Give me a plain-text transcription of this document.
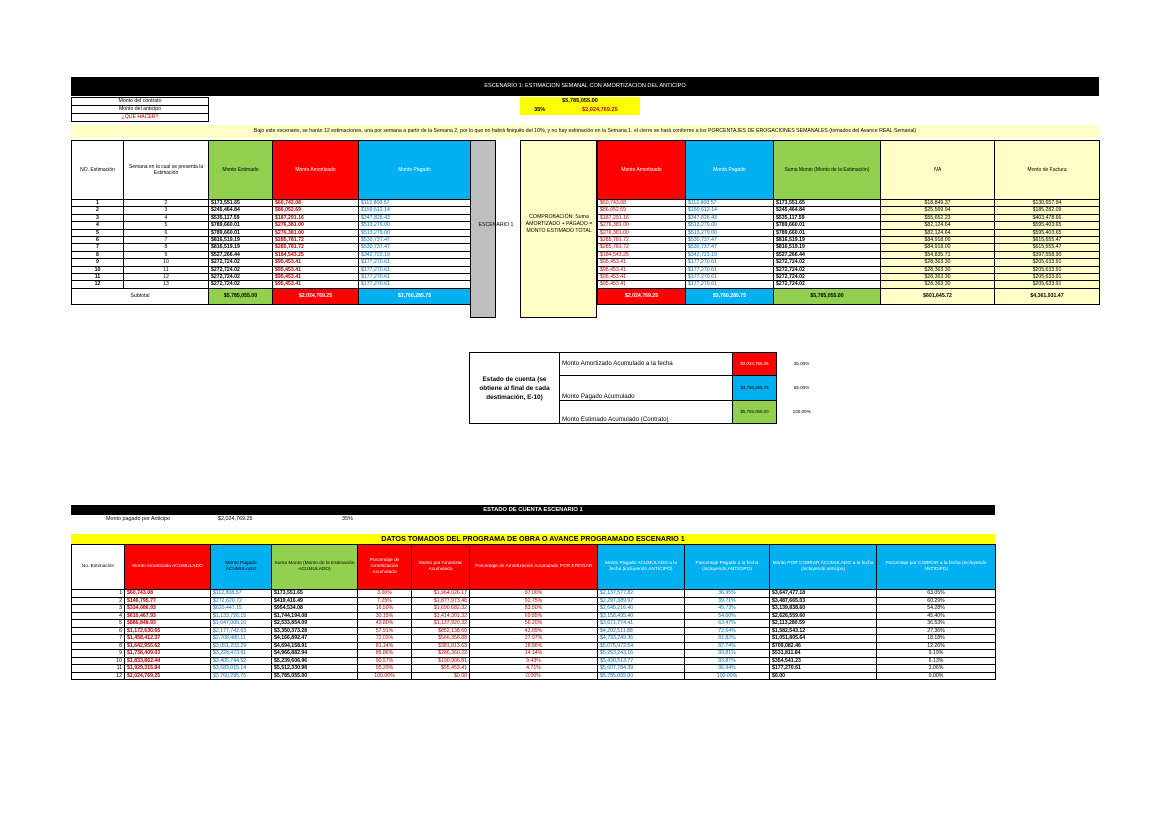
ESCENARIO 1: ESTIMACION SEMANAL CON AMORTIZACION DEL ANTICIPO
Monto del contrato
Monto del anticipo
¿QUÉ HACER?
$5,785,055.00
35%	$2,024,769.25
Bajo este escenario, se harán 12 estimaciones, una por semana a partir de la Semana 2, por lo que no habrá finiquito del 10%, y no hay estimación en la Semana 1. el cierre se hará conforme a los PORCENTAJES DE EROGACIONES SEMANALES (tomados del Avance REAL Semanal)
NO. Estimación	Semana en la cual se presenta la Estimación	Monto Estimado	Monto Amortizado	Monto Pagado
1	2	$173,551.65	$60,743.08	$112,808.57
2	3	$245,464.84	$86,052.69	$159,612.14
3	4	$535,117.59	$187,291.16	$347,826.43
4	5	$789,660.01	$276,381.00	$513,279.00
5	6	$789,660.01	$276,381.00	$513,279.00
6	7	$816,519.19	$285,781.72	$530,737.47
7	8	$816,519.19	$285,781.72	$530,737.47
8	9	$527,266.44	$184,543.25	$342,723.19
9	10	$272,724.02	$95,453.41	$177,270.61
10	11	$272,724.02	$95,453.41	$177,270.61
11	12	$272,724.02	$95,453.41	$177,270.61
12	13	$272,724.02	$95,453.41	$177,270.61
Subtotal		$5,785,055.00	$2,024,769.25	$3,760,285.75
ESCENARIO 1
COMPROBACIÓN: Suma AMORTIZADO + PAGADO = MONTO ESTIMADO TOTAL
Monto Amortizado	Monto Pagado	Suma Monto (Monto de la Estimación)	IVA	Monto de Factura
$60,743.08	$112,808.57	$173,551.65	$18,849.37	$130,657.94
$86,052.69	$159,612.14	$245,464.84	$25,569.94	$185,282.09
$187,291.16	$347,826.43	$535,117.59	$55,652.23	$403,478.66
$276,381.00	$513,279.00	$789,660.01	$82,124.64	$595,403.65
$276,381.00	$513,279.00	$789,660.01	$82,124.64	$595,403.65
$285,781.72	$530,737.47	$816,519.19	$84,918.00	$615,655.47
$285,781.72	$530,737.47	$816,519.19	$84,918.00	$615,655.47
$184,543.25	$342,723.19	$527,266.44	$54,835.71	$397,558.90
$95,453.41	$177,270.61	$272,724.02	$28,363.30	$205,633.91
$95,453.41	$177,270.61	$272,724.02	$28,363.30	$205,633.91
$95,453.41	$177,270.61	$272,724.02	$28,363.30	$205,633.91
$95,453.41	$177,270.61	$272,724.02	$28,363.30	$205,633.91
$2,024,769.25	$3,760,285.75	$5,785,055.00	$601,645.72	$4,361,931.47
Estado de cuenta (se obtiene al final de cada destimación, E-10)	Monto Amortizado Acumulado a la fecha	$2,024,769.25	35.00%
	Monto Pagado Acumulado	$3,760,285.75	65.00%
	Monto Estimado Acumulado (Contrato)	$5,785,055.00	100.00%
ESTADO DE CUENTA ESCENARIO 1
Monto pagado por Anticipo	$2,024,769.25	35%
DATOS TOMADOS DEL PROGRAMA DE OBRA O AVANCE PROGRAMADO ESCENARIO 1
No. Estimación	Monto Amortizado ACUMULADO	Monto Pagado ACUMULADO	Suma Monto (Monto de la Estimación ACUMULADO)	Porcentaje de Amortización Acumulado	Monto por Amortizar Acumulado	Porcentaje de Amortización Acumulado POR EROGAR	Monto Pagado ACUMULADO a la fecha (incluyendo ANTICIPO)	Porcentaje Pagado a la fecha (incluyendo ANTICIPO)	Monto POR COBRAR ACUMULADO a la fecha (incluyendo anticipo)	Porcentaje por COBRAR a la fecha (incluyendo ANTICIPO)
1	$60,743.08	$112,808.57	$173,551.65	3.00%	$1,964,026.17	97.00%	$2,137,577.82	36.95%	$3,647,477.18	63.05%
2	$146,795.77	$272,620.72	$419,416.49	7.25%	$1,877,973.48	92.75%	$2,297,389.97	39.71%	$3,487,665.03	60.29%
3	$334,086.93	$620,447.15	$954,534.08	16.50%	$1,690,682.32	83.50%	$2,645,216.40	45.73%	$3,139,838.60	54.28%
4	$610,467.93	$1,133,726.15	$1,744,194.08	30.15%	$1,414,301.32	69.85%	$3,158,495.40	54.60%	$2,626,559.60	45.40%
5	$886,848.93	$1,647,005.16	$2,533,854.09	43.80%	$1,137,920.32	56.20%	$3,671,774.41	63.47%	$2,113,280.59	36.53%
6	$1,172,630.65	$2,177,742.63	$3,350,373.28	57.91%	$852,138.60	42.09%	$4,202,511.88	72.64%	$1,582,543.12	27.36%
7	$1,458,412.37	$2,708,480.11	$4,166,892.47	72.03%	$566,356.88	27.97%	$4,733,249.36	81.82%	$1,051,805.64	18.18%
8	$1,642,955.62	$3,051,203.29	$4,694,158.91	81.14%	$381,813.63	18.86%	$5,075,972.54	87.74%	$709,082.46	12.26%
9	$1,738,409.03	$3,228,473.91	$4,966,882.94	85.86%	$286,360.22	14.14%	$5,253,243.16	90.81%	$531,811.84	9.19%
10	$1,833,862.44	$3,405,744.52	$5,239,606.96	90.57%	$190,906.81	9.43%	$5,430,513.77	93.87%	$354,541.23	6.13%
11	$1,929,315.84	$3,583,015.14	$5,512,330.98	95.29%	$95,453.41	4.71%	$5,607,784.39	96.94%	$177,270.61	3.06%
12	$2,024,769.25	$3,760,285.75	$5,785,055.00	100.00%	$0.00	0.00%	$5,785,055.00	100.00%	$0.00	0.00%
